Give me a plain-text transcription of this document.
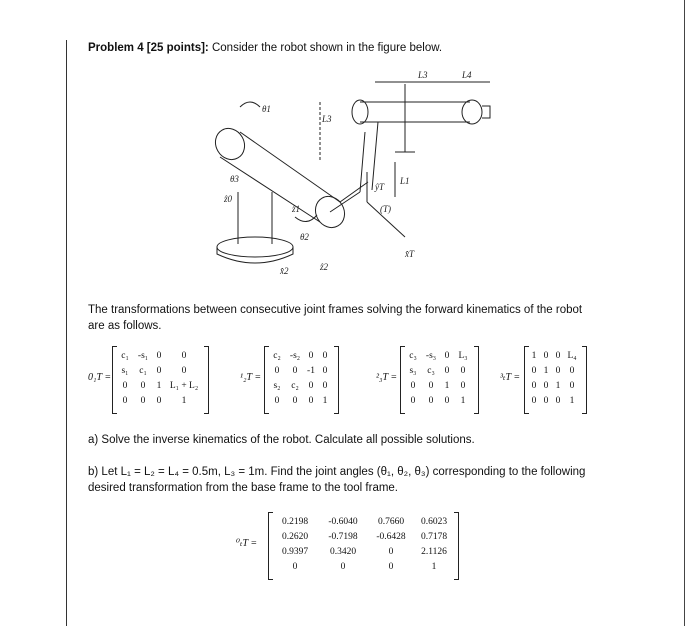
Problem 4 [25 points]: Consider the robot shown in the figure below.
L3	L4
L3
L1
θ1
θ3
θ2
ẑ0
ẑ1
x̂2	ẑ2
x̂T
ŷT
(T)
The transformations between consecutive joint frames solving the forward kinematics of the robot
are as follows.
0₁T =
c₁	-s₁	0	0
s₁	c₁	0	0
0	0	1	L₁ + L₂
0	0	0	1
¹₂T =
c₂	-s₂	0	0
0	0	-1	0
s₂	c₂	0	0
0	0	0	1
²₃T =
c₃	-s₃	0	L₃
s₃	c₃	0	0
0	0	1	0
0	0	0	1
³ₜT =
1	0	0	L₄
0	1	0	0
0	0	1	0
0	0	0	1
a) Solve the inverse kinematics of the robot. Calculate all possible solutions.
b) Let L₁ = L₂ = L₄ = 0.5m, L₃ = 1m. Find the joint angles (θ₁, θ₂, θ₃) corresponding to the following
desired transformation from the base frame to the tool frame.
⁰ₜT =
0.2198	-0.6040	0.7660	0.6023
0.2620	-0.7198	-0.6428	0.7178
0.9397	0.3420	0	2.1126
0	0	0	1
